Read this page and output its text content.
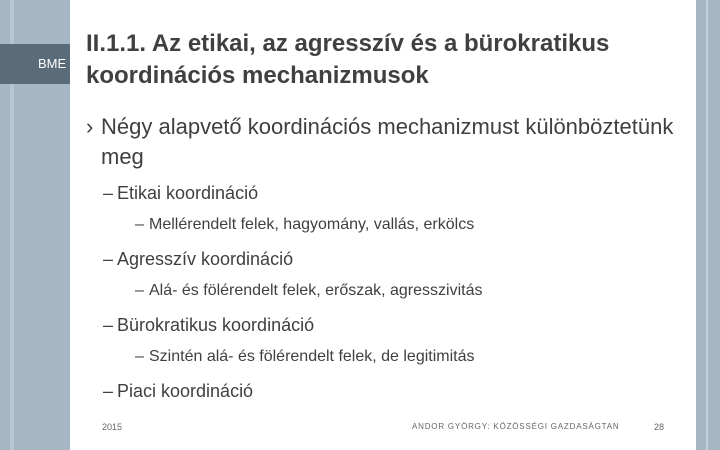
BME
II.1.1. Az etikai, az agresszív és a bürokratikus koordinációs mechanizmusok
› Négy alapvető koordinációs mechanizmust különböztetünk meg
– Etikai koordináció
– Mellérendelt felek, hagyomány, vallás, erkölcs
– Agresszív koordináció
– Alá- és fölérendelt felek, erőszak, agresszivitás
– Bürokratikus koordináció
– Szintén alá- és fölérendelt felek, de legitimitás
– Piaci koordináció
2015	ANDOR GYÖRGY: KÖZÖSSÉGI GAZDASÁGTAN	28
